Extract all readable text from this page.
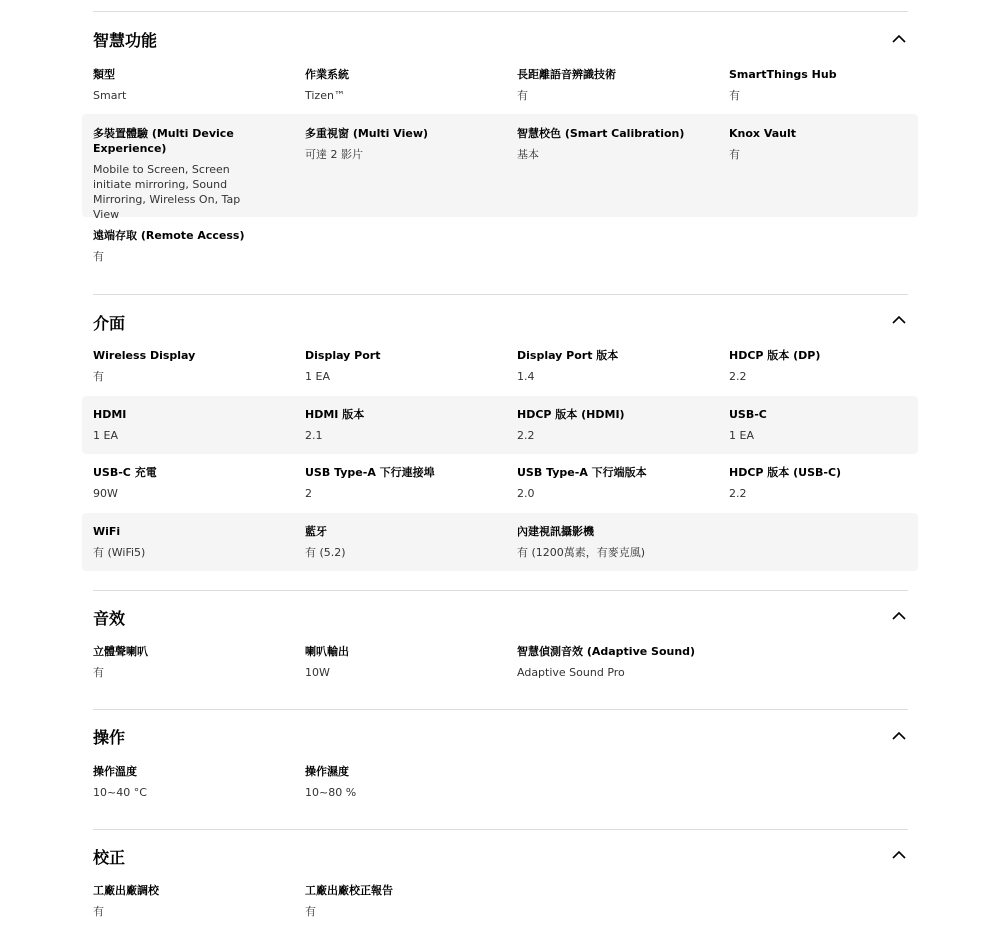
智慧功能
類型
Smart
作業系統
Tizen™
長距離語音辨識技術
有
SmartThings Hub
有
多裝置體驗 (Multi Device Experience)
Mobile to Screen, Screen initiate mirroring, Sound Mirroring, Wireless On, Tap View
多重視窗 (Multi View)
可達 2 影片
智慧校色 (Smart Calibration)
基本
Knox Vault
有
遠端存取 (Remote Access)
有
介面
Wireless Display
有
Display Port
1 EA
Display Port 版本
1.4
HDCP 版本 (DP)
2.2
HDMI
1 EA
HDMI 版本
2.1
HDCP 版本 (HDMI)
2.2
USB-C
1 EA
USB-C 充電
90W
USB Type-A 下行連接埠
2
USB Type-A 下行端版本
2.0
HDCP 版本 (USB-C)
2.2
WiFi
有 (WiFi5)
藍牙
有 (5.2)
內建視訊攝影機
有 (1200萬素，有麥克風)
音效
立體聲喇叭
有
喇叭輸出
10W
智慧偵測音效 (Adaptive Sound)
Adaptive Sound Pro
操作
操作溫度
10~40 °C
操作濕度
10~80 %
校正
工廠出廠調校
有
工廠出廠校正報告
有
